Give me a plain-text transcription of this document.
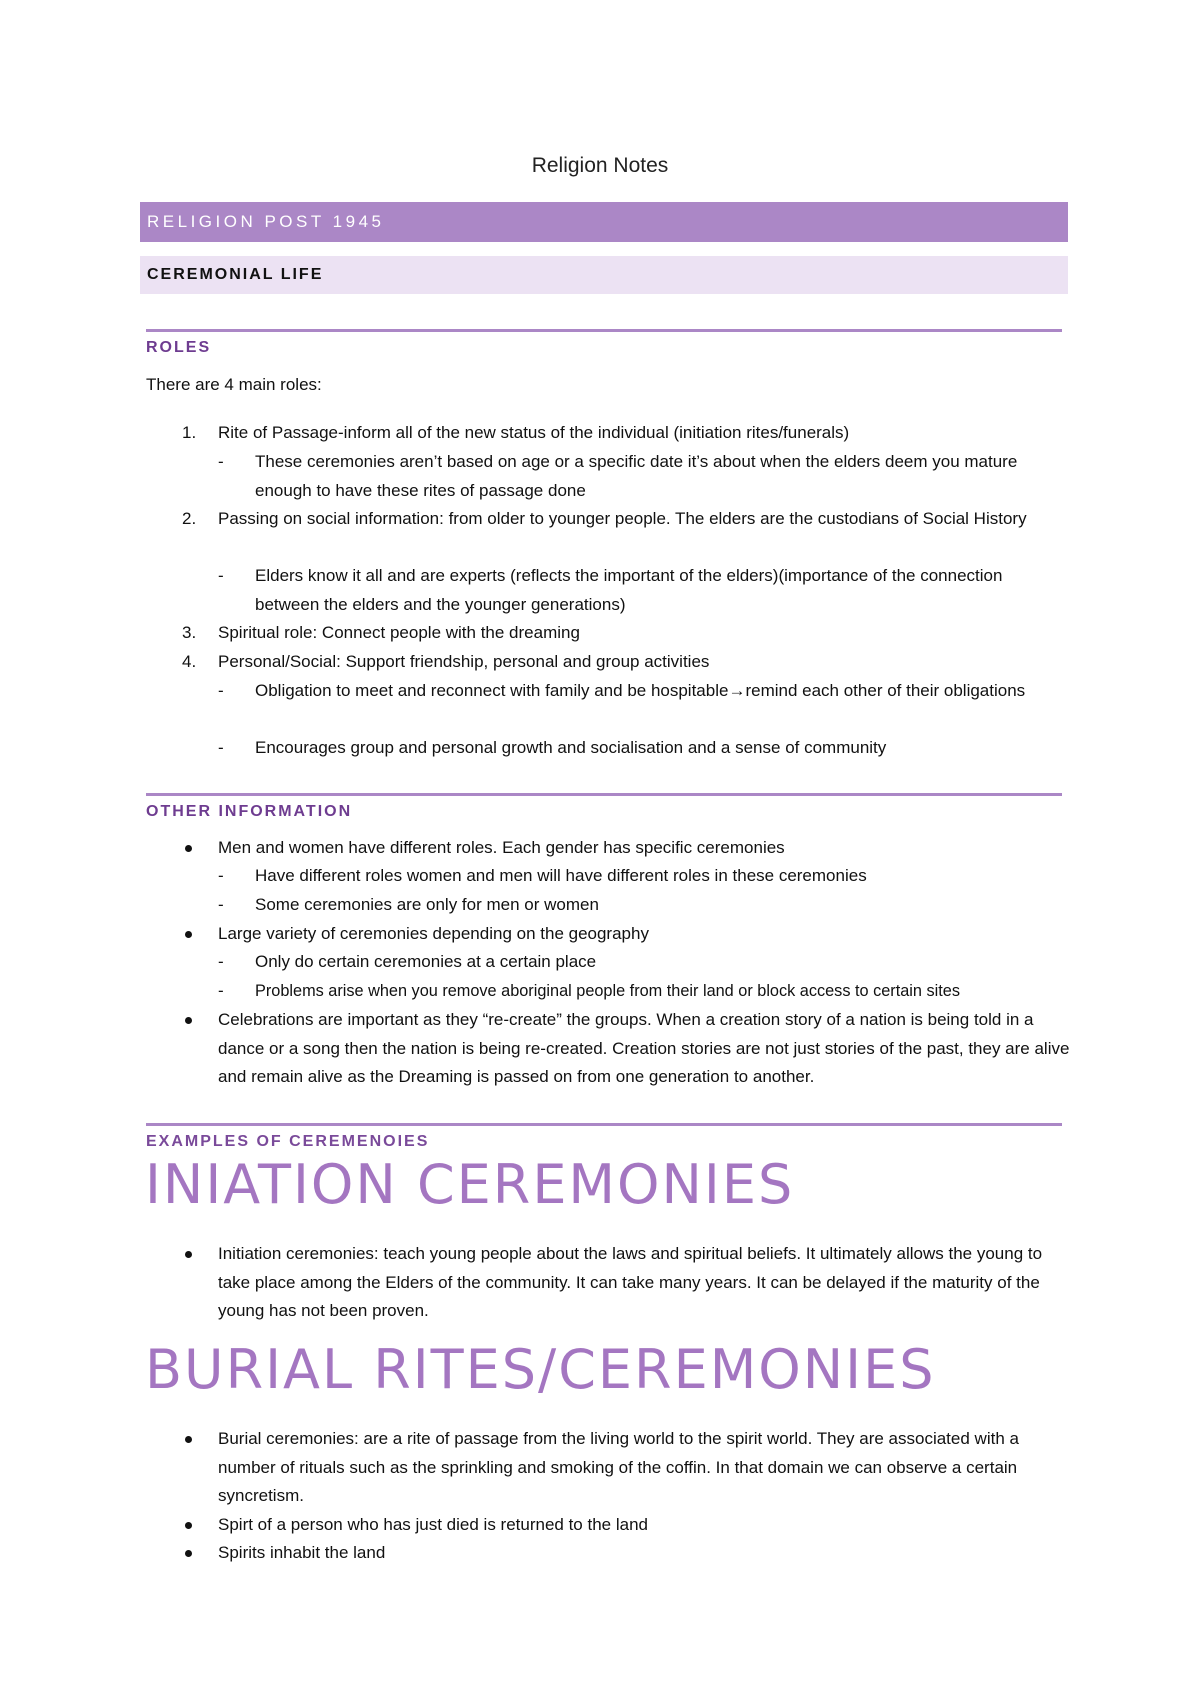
Religion Notes
RELIGION POST 1945
CEREMONIAL LIFE
ROLES
There are 4 main roles:
1. Rite of Passage-inform all of the new status of the individual (initiation rites/funerals)
- These ceremonies aren’t based on age or a specific date it’s about when the elders deem you mature enough to have these rites of passage done
2. Passing on social information: from older to younger people. The elders are the custodians of Social History
- Elders know it all and are experts (reflects the important of the elders)(importance of the connection between the elders and the younger generations)
3. Spiritual role: Connect people with the dreaming
4. Personal/Social: Support friendship, personal and group activities
- Obligation to meet and reconnect with family and be hospitable→remind each other of their obligations
- Encourages group and personal growth and socialisation and a sense of community
OTHER INFORMATION
Men and women have different roles. Each gender has specific ceremonies
- Have different roles women and men will have different roles in these ceremonies
- Some ceremonies are only for men or women
Large variety of ceremonies depending on the geography
- Only do certain ceremonies at a certain place
- Problems arise when you remove aboriginal people from their land or block access to certain sites
Celebrations are important as they “re-create” the groups. When a creation story of a nation is being told in a dance or a song then the nation is being re-created. Creation stories are not just stories of the past, they are alive and remain alive as the Dreaming is passed on from one generation to another.
EXAMPLES OF CEREMENOIES
INIATION CEREMONIES
Initiation ceremonies: teach young people about the laws and spiritual beliefs. It ultimately allows the young to take place among the Elders of the community. It can take many years. It can be delayed if the maturity of the young has not been proven.
BURIAL RITES/CEREMONIES
Burial ceremonies: are a rite of passage from the living world to the spirit world. They are associated with a number of rituals such as the sprinkling and smoking of the coffin. In that domain we can observe a certain syncretism.
Spirt of a person who has just died is returned to the land
Spirits inhabit the land
